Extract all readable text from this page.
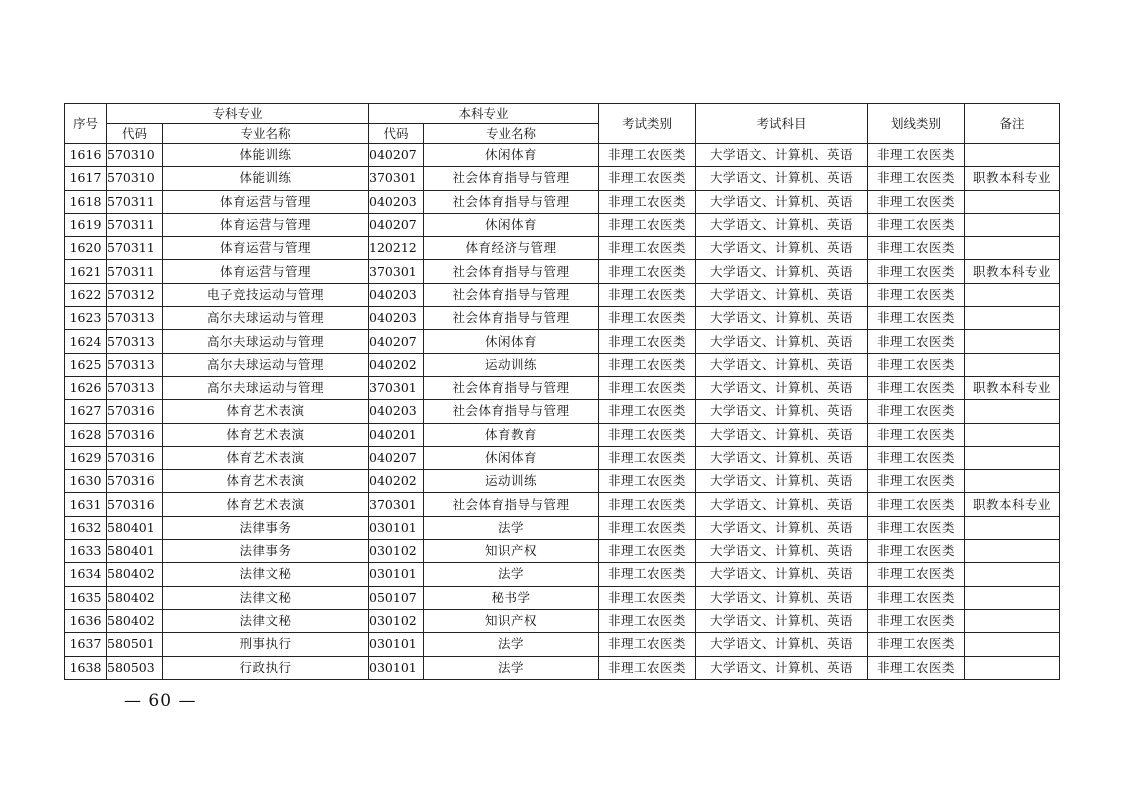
序号	专科专业		本科专业		考试类别	考试科目	划线类别	备注
	代码	专业名称	代码	专业名称				
1616	570310	体能训练	040207	休闲体育	非理工农医类	大学语文、计算机、英语	非理工农医类	
1617	570310	体能训练	370301	社会体育指导与管理	非理工农医类	大学语文、计算机、英语	非理工农医类	职教本科专业
1618	570311	体育运营与管理	040203	社会体育指导与管理	非理工农医类	大学语文、计算机、英语	非理工农医类	
1619	570311	体育运营与管理	040207	休闲体育	非理工农医类	大学语文、计算机、英语	非理工农医类	
1620	570311	体育运营与管理	120212	体育经济与管理	非理工农医类	大学语文、计算机、英语	非理工农医类	
1621	570311	体育运营与管理	370301	社会体育指导与管理	非理工农医类	大学语文、计算机、英语	非理工农医类	职教本科专业
1622	570312	电子竞技运动与管理	040203	社会体育指导与管理	非理工农医类	大学语文、计算机、英语	非理工农医类	
1623	570313	高尔夫球运动与管理	040203	社会体育指导与管理	非理工农医类	大学语文、计算机、英语	非理工农医类	
1624	570313	高尔夫球运动与管理	040207	休闲体育	非理工农医类	大学语文、计算机、英语	非理工农医类	
1625	570313	高尔夫球运动与管理	040202	运动训练	非理工农医类	大学语文、计算机、英语	非理工农医类	
1626	570313	高尔夫球运动与管理	370301	社会体育指导与管理	非理工农医类	大学语文、计算机、英语	非理工农医类	职教本科专业
1627	570316	体育艺术表演	040203	社会体育指导与管理	非理工农医类	大学语文、计算机、英语	非理工农医类	
1628	570316	体育艺术表演	040201	体育教育	非理工农医类	大学语文、计算机、英语	非理工农医类	
1629	570316	体育艺术表演	040207	休闲体育	非理工农医类	大学语文、计算机、英语	非理工农医类	
1630	570316	体育艺术表演	040202	运动训练	非理工农医类	大学语文、计算机、英语	非理工农医类	
1631	570316	体育艺术表演	370301	社会体育指导与管理	非理工农医类	大学语文、计算机、英语	非理工农医类	职教本科专业
1632	580401	法律事务	030101	法学	非理工农医类	大学语文、计算机、英语	非理工农医类	
1633	580401	法律事务	030102	知识产权	非理工农医类	大学语文、计算机、英语	非理工农医类	
1634	580402	法律文秘	030101	法学	非理工农医类	大学语文、计算机、英语	非理工农医类	
1635	580402	法律文秘	050107	秘书学	非理工农医类	大学语文、计算机、英语	非理工农医类	
1636	580402	法律文秘	030102	知识产权	非理工农医类	大学语文、计算机、英语	非理工农医类	
1637	580501	刑事执行	030101	法学	非理工农医类	大学语文、计算机、英语	非理工农医类	
1638	580503	行政执行	030101	法学	非理工农医类	大学语文、计算机、英语	非理工农医类	
— 60 —
